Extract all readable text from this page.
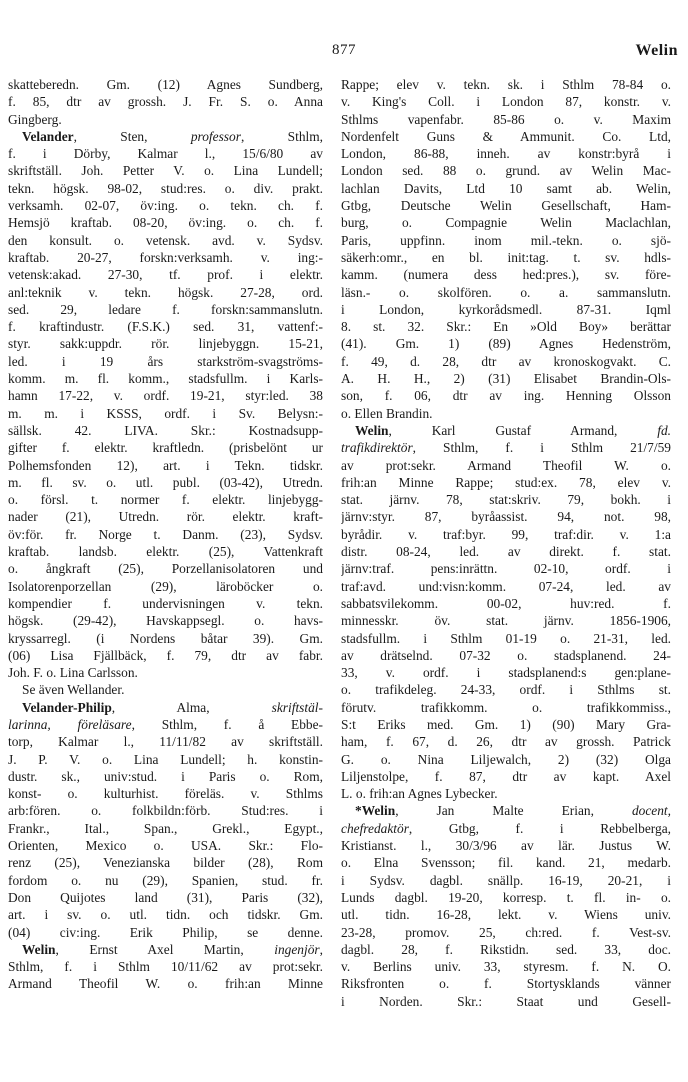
877	Welin
skatteberedn. Gm. (12) Agnes Sundberg,
f. 85, dtr av grossh. J. Fr. S. o. Anna
Gingberg.
Velander, Sten, professor, Sthlm,
f. i Dörby, Kalmar l., 15/6/80 av
skriftställ. Joh. Petter V. o. Lina Lundell;
tekn. högsk. 98-02, stud:res. o. div. prakt.
verksamh. 02-07, öv:ing. o. tekn. ch. f.
Hemsjö kraftab. 08-20, öv:ing. o. ch. f.
den konsult. o. vetensk. avd. v. Sydsv.
kraftab. 20-27, forskn:verksamh. v. ing:-
vetensk:akad. 27-30, tf. prof. i elektr.
anl:teknik v. tekn. högsk. 27-28, ord.
sed. 29, ledare f. forskn:sammanslutn.
f. kraftindustr. (F.S.K.) sed. 31, vattenf:-
styr. sakk:uppdr. rör. linjebyggn. 15-21,
led. i 19 års starkström-svagströms-
komm. m. fl. komm., stadsfullm. i Karls-
hamn 17-22, v. ordf. 19-21, styr:led. 38
m. m. i KSSS, ordf. i Sv. Belysn:-
sällsk. 42. LIVA. Skr.: Kostnadsupp-
gifter f. elektr. kraftledn. (prisbelönt ur
Polhemsfonden 12), art. i Tekn. tidskr.
m. fl. sv. o. utl. publ. (03-42), Utredn.
o. försl. t. normer f. elektr. linjebygg-
nader (21), Utredn. rör. elektr. kraft-
öv:för. fr. Norge t. Danm. (23), Sydsv.
kraftab. landsb. elektr. (25), Vattenkraft
o. ångkraft (25), Porzellanisolatoren und
Isolatorenporzellan (29), läroböcker o.
kompendier f. undervisningen v. tekn.
högsk. (29-42), Havskappsegl. o. havs-
kryssarregl. (i Nordens båtar 39). Gm.
(06) Lisa Fjällbäck, f. 79, dtr av fabr.
Joh. F. o. Lina Carlsson.
Se även Wellander.
Velander-Philip, Alma, skriftstäl-
larinna, föreläsare, Sthlm, f. å Ebbe-
torp, Kalmar l., 11/11/82 av skriftställ.
J. P. V. o. Lina Lundell; h. konstin-
dustr. sk., univ:stud. i Paris o. Rom,
konst- o. kulturhist. föreläs. v. Sthlms
arb:fören. o. folkbildn:förb. Stud:res. i
Frankr., Ital., Span., Grekl., Egypt.,
Orienten, Mexico o. USA. Skr.: Flo-
renz (25), Venezianska bilder (28), Rom
fordom o. nu (29), Spanien, stud. fr.
Don Quijotes land (31), Paris (32),
art. i sv. o. utl. tidn. och tidskr. Gm.
(04) civ:ing. Erik Philip, se denne.
Welin, Ernst Axel Martin, ingenjör,
Sthlm, f. i Sthlm 10/11/62 av prot:sekr.
Armand Theofil W. o. frih:an Minne
Rappe; elev v. tekn. sk. i Sthlm 78-84 o.
v. King's Coll. i London 87, konstr. v.
Sthlms vapenfabr. 85-86 o. v. Maxim
Nordenfelt Guns & Ammunit. Co. Ltd,
London, 86-88, inneh. av konstr:byrå i
London sed. 88 o. grund. av Welin Mac-
lachlan Davits, Ltd 10 samt ab. Welin,
Gtbg, Deutsche Welin Gesellschaft, Ham-
burg, o. Compagnie Welin Maclachlan,
Paris, uppfinn. inom mil.-tekn. o. sjö-
säkerh:omr., en bl. init:tag. t. sv. hdls-
kamm. (numera dess hed:pres.), sv. före-
läsn.- o. skolfören. o. a. sammanslutn.
i London, kyrkorådsmedl. 87-31. Iqml
8. st. 32. Skr.: En »Old Boy» berättar
(41). Gm. 1) (89) Agnes Hedenström,
f. 49, d. 28, dtr av kronoskogvakt. C.
A. H. H., 2) (31) Elisabet Brandin-Ols-
son, f. 06, dtr av ing. Henning Olsson
o. Ellen Brandin.
Welin, Karl Gustaf Armand, fd.
trafikdirektör, Sthlm, f. i Sthlm 21/7/59
av prot:sekr. Armand Theofil W. o.
frih:an Minne Rappe; stud:ex. 78, elev v.
stat. järnv. 78, stat:skriv. 79, bokh. i
järnv:styr. 87, byråassist. 94, not. 98,
byrådir. v. traf:byr. 99, traf:dir. v. 1:a
distr. 08-24, led. av direkt. f. stat.
järnv:traf. pens:inrättn. 02-10, ordf. i
traf:avd. und:visn:komm. 07-24, led. av
sabbatsvilekomm. 00-02, huv:red. f.
minnesskr. öv. stat. järnv. 1856-1906,
stadsfullm. i Sthlm 01-19 o. 21-31, led.
av drätselnd. 07-32 o. stadsplanend. 24-
33, v. ordf. i stadsplanend:s gen:plane-
o. trafikdeleg. 24-33, ordf. i Sthlms st.
förutv. trafikkomm. o. trafikkommiss.,
S:t Eriks med. Gm. 1) (90) Mary Gra-
ham, f. 67, d. 26, dtr av grossh. Patrick
G. o. Nina Liljewalch, 2) (32) Olga
Liljenstolpe, f. 87, dtr av kapt. Axel
L. o. frih:an Agnes Lybecker.
*Welin, Jan Malte Erian, docent,
chefredaktör, Gtbg, f. i Rebbelberga,
Kristianst. l., 30/3/96 av lär. Justus W.
o. Elna Svensson; fil. kand. 21, medarb.
i Sydsv. dagbl. snällp. 16-19, 20-21, i
Lunds dagbl. 19-20, korresp. t. fl. in- o.
utl. tidn. 16-28, lekt. v. Wiens univ.
23-28, promov. 25, ch:red. f. Vest-sv.
dagbl. 28, f. Rikstidn. sed. 33, doc.
v. Berlins univ. 33, styresm. f. N. O.
Riksfronten o. f. Stortysklands vänner
i Norden. Skr.: Staat und Gesell-
